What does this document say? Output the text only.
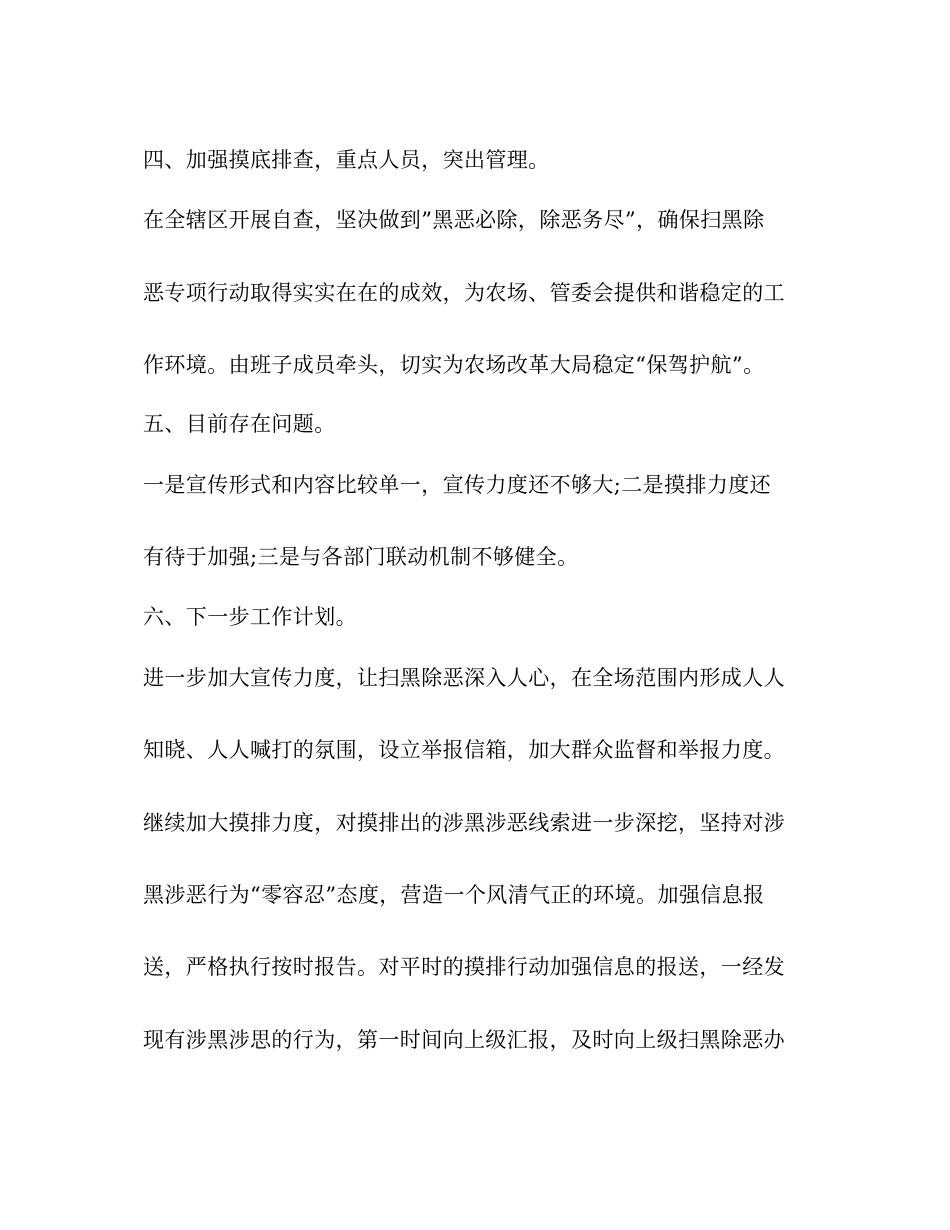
四、加强摸底排查，重点人员，突出管理。
在全辖区开展自查，坚决做到”黑恶必除，除恶务尽”，确保扫黑除
恶专项行动取得实实在在的成效，为农场、管委会提供和谐稳定的工
作环境。由班子成员牵头，切实为农场改革大局稳定“保驾护航”。
五、目前存在问题。
一是宣传形式和内容比较单一，宣传力度还不够大;二是摸排力度还
有待于加强;三是与各部门联动机制不够健全。
六、下一步工作计划。
进一步加大宣传力度，让扫黑除恶深入人心，在全场范围内形成人人
知晓、人人喊打的氛围，设立举报信箱，加大群众监督和举报力度。
继续加大摸排力度，对摸排出的涉黑涉恶线索进一步深挖，坚持对涉
黑涉恶行为“零容忍”态度，营造一个风清气正的环境。加强信息报
送，严格执行按时报告。对平时的摸排行动加强信息的报送，一经发
现有涉黑涉思的行为，第一时间向上级汇报，及时向上级扫黑除恶办
